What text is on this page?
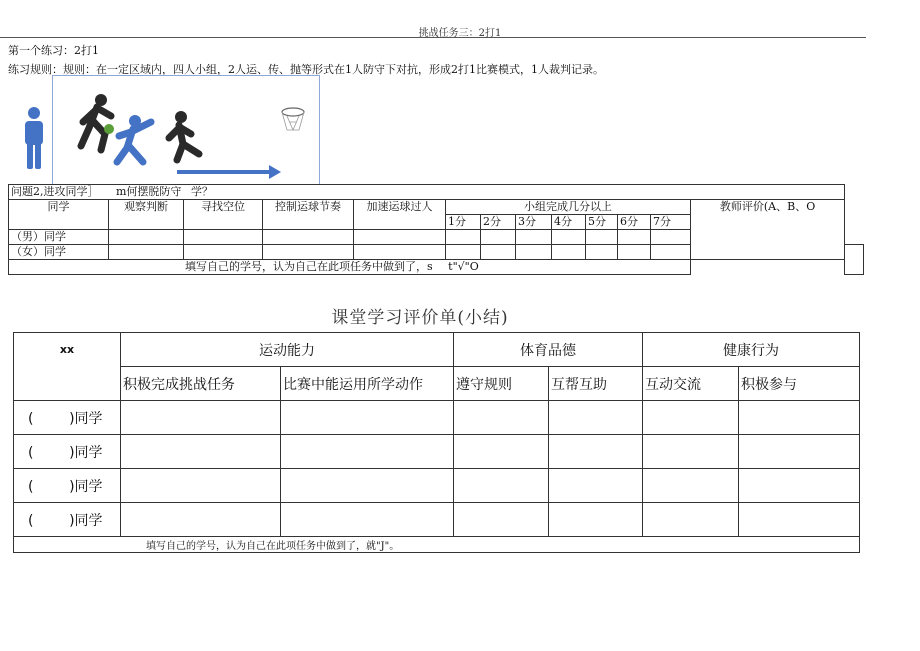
挑战任务三：2打1
第一个练习：2打1
练习规则：规则：在一定区域内，四人小组，2人运、传、抛等形式在1人防守下对抗，形成2打1比赛模式，1人裁判记录。
问题2,进攻同学］ m何摆脱防守 学？													
同学	观察判断	寻找空位	控制运球节奏	加速运球过人	小组完成几分以上							教师评价(A、B、O	
					1分	2分	3分	4分	5分	6分	7分		
（男）同学													
（女）同学													
填写自己的学号，认为自己在此项任务中做到了，s t"√"O													
课堂学习评价单(小结)
xx	运动能力		体育品德		健康行为	
	积极完成挑战任务	比赛中能运用所学动作	遵守规则	互帮互助	互动交流	积极参与
(        )同学						
(        )同学						
(        )同学						
(        )同学						
填写自己的学号，认为自己在此项任务中做到了，就"J"。						
